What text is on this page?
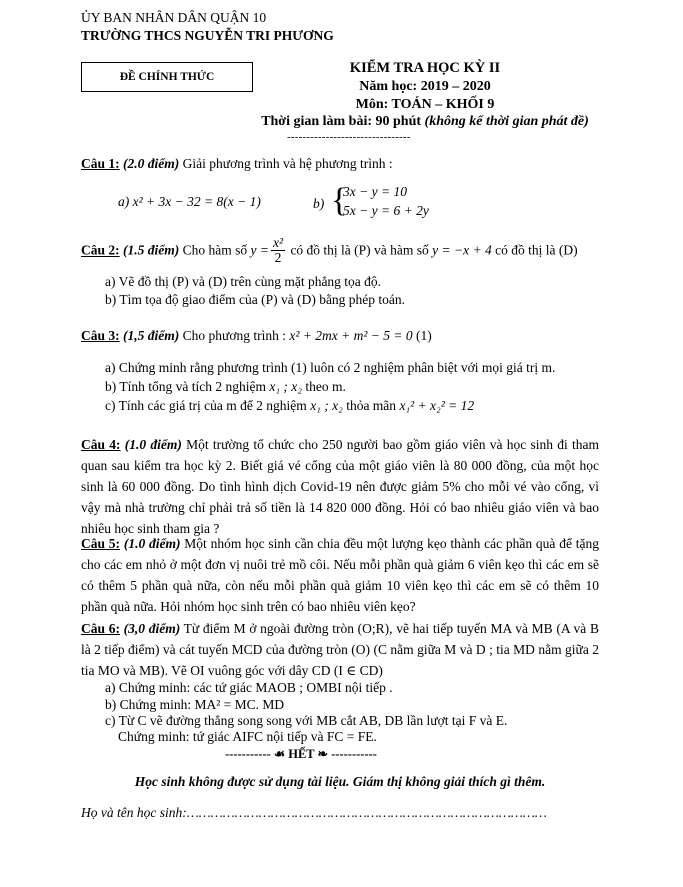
ỦY BAN NHÂN DÂN QUẬN 10
TRƯỜNG THCS NGUYỄN TRI PHƯƠNG
ĐỀ CHÍNH THỨC
KIỂM TRA HỌC KỲ II
Năm học: 2019 – 2020
Môn: TOÁN – KHỐI 9
Thời gian làm bài: 90 phút (không kể thời gian phát đề)
--------------------------------
Câu 1: (2.0 điểm) Giải phương trình và hệ phương trình :
a) x² + 3x − 32 = 8(x − 1)	b) {
3x − y = 10
5x − y = 6 + 2y
Câu 2: (1.5 điểm) Cho hàm số $y = \frac{\text{x²}}{2}$ có đồ thị là (P) và hàm số y = −x + 4 có đồ thị là (D)
a) Vẽ đồ thị (P) và (D) trên cùng mặt phẳng tọa độ.
b) Tìm tọa độ giao điểm của (P) và (D) bằng phép toán.
Câu 3: (1,5 điểm) Cho phương trình : x² + 2mx + m² − 5 = 0 (1)
a) Chứng minh rằng phương trình (1) luôn có 2 nghiệm phân biệt với mọi giá trị m.
b) Tính tổng và tích 2 nghiệm x₁ ; x₂ theo m.
c) Tính các giá trị của m để 2 nghiệm x₁ ; x₂ thỏa mãn x₁² + x₂² = 12
Câu 4: (1.0 điểm) Một trường tổ chức cho 250 người bao gồm giáo viên và học sinh đi tham quan sau kiểm tra học kỳ 2. Biết giá vé cổng của một giáo viên là 80 000 đồng, của một học sinh là 60 000 đồng. Do tình hình dịch Covid-19 nên được giảm 5% cho mỗi vé vào cổng, vì vậy mà nhà trường chỉ phải trả số tiền là 14 820 000 đồng. Hỏi có bao nhiêu giáo viên và bao nhiêu học sinh tham gia ?
Câu 5: (1.0 điểm) Một nhóm học sinh cần chia đều một lượng kẹo thành các phần quà để tặng cho các em nhỏ ở một đơn vị nuôi trẻ mồ côi. Nếu mỗi phần quà giảm 6 viên kẹo thì các em sẽ có thêm 5 phần quà nữa, còn nếu mỗi phần quà giảm 10 viên kẹo thì các em sẽ có thêm 10 phần quà nữa. Hỏi nhóm học sinh trên có bao nhiêu viên kẹo?
Câu 6: (3,0 điểm) Từ điểm M ở ngoài đường tròn (O;R), vẽ hai tiếp tuyến MA và MB (A và B là 2 tiếp điểm) và cát tuyến MCD của đường tròn (O) (C nằm giữa M và D ; tia MD nằm giữa 2 tia MO và MB). Vẽ OI vuông góc với dây CD (I ∈ CD)
a) Chứng minh: các tứ giác MAOB ; OMBI nội tiếp .
b) Chứng minh: MA² = MC. MD
c) Từ C vẽ đường thẳng song song với MB cắt AB, DB lần lượt tại F và E.
Chứng minh: tứ giác AIFC nội tiếp và FC = FE.
----------- ☙ HẾT ❧ -----------
Học sinh không được sử dụng tài liệu. Giám thị không giải thích gì thêm.
Họ và tên học sinh:………………………………………………………………………………
